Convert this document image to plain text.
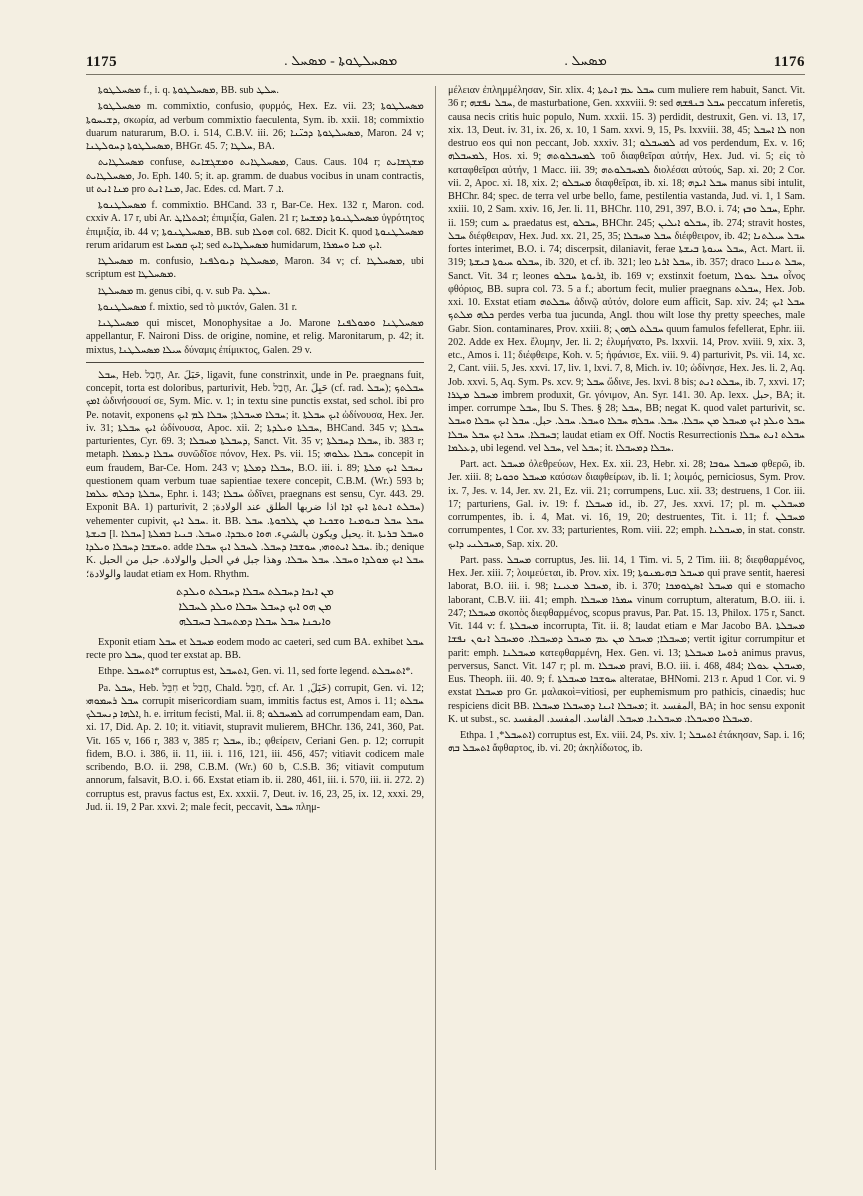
1175	ܡܣܚܠܛܘܬܐ - ܡܣܚܠ .	ܡܣܚܠ .	1176

ܡܣܚܠܛܘܬܐ f., i. q. ܡܣܚܠܛܘܬܐ, BB. sub ܚܠܛ.

ܡܣܚܠܛܘܬܐ m. commixtio, confusio, φυρμός, Hex. Ez. vii. 23; ܡܣܚܠܛܘܬܐ ܕܫܝܚܘܬܐ, σκωρία, ad verbum commixtio faeculenta, Sym. ib. xxii. 18; commixtio duarum naturarum, B.O. i. 514, C.B.V. iii. 26; ܡܣܚܠܛܘܬܐ ܕܟܝ̈ܢܐ, Maron. 24 v; ܡܣܚܠܛܘܬܐ ܕܚܘܠܛܢܐ, BHGr. 45. 7; ܚܠܛܐ, BA.

ܡܣܚܠܛܐܝܬ confuse, ܡܣܚܠܛܐܝܬ ܘܡܫܓܫܐܝܬ, Caus. Caus. 104 r; ܡܫܓܫܐܝܬ ܡܣܚܠܛܐܝܬ, Jo. Eph. 140. 5; it. ap. gramm. de duabus vocibus in unam contractis, ut ܡܢܐ ܐܢܬ pro ܡܢܐ ܐܢܬ, Jac. Edes. cd. Mart. ܐ. 7.

ܡܣܚܠܛܢܘܬܐ f. commixtio. BHCand. 33 r, Bar-Ce. Hex. 132 r, Maron. cod. cxxiv A. 17 r, ubi Ar. ܐܟܬܠܐܛ; ἐπιμιξία, Galen. 21 r; ܡܣܚܠܛܢܘܬܐ ܕܡܫܚܐ ὑγρότητος ἐπιμιξία, ib. 44 v; ܡܣܚܠܛܢܘܬܐ, BB. sub ܗܘܠܐ col. 682. Dicit K. quod ܡܣܚܠܛܢܘܬܐ rerum aridarum est ܐܝܟ ܩܡܚܐ; sed ܡܣܚܠܛܐܝܬ humidarum, ܐܝܟ ܡܝܐ ܘܚܡܪܐ.

ܡܣܚܠܛܐ m. confusio, ܡܣܚܠܛܐ ܕܝܘܠܦܢܐ, Maron. 34 v; cf. ܡܣܚܠܛܐ, ubi scriptum est ܡܣܚܠܛܐ.

ܡܣܚܠܛܐ m. genus cibi, q. v. sub Pa. ܚܠܛ.

ܡܣܚܠܛܢܘܬܐ f. mixtio, sed τὸ μικτόν, Galen. 31 r.

ܡܣܚܠܛܢܐ qui miscet, Monophysitae a Jo. Marone ܡܣܚܠܛܢܐ ܘܡܘܠܦܢܐ appellantur, F. Naironi Diss. de origine, nomine, et relig. Maronitarum, p. 42; it. mixtus, ܚܝܠܐ ܡܣܚܠܛܢܐ δύναμις ἐπίμικτος, Galen. 29 v.

ܚܒܠ, Heb. חָבַל, Ar. حَبَلَ, ligavit, fune constrinxit, unde in Pe. praegnans fuit, concepit, torta est doloribus, parturivit, Heb. חָבַל, Ar. حَبِلَ (cf. rad. ܚܒܠ); ܚܒܠܬܟ ܐܡܟ ὠδινήσουσί σε, Sym. Mic. v. 1; in textu sine punctis exstat, sed schol. ibi pro Pe. notavit, exponens ܚܒܠܐ ܡܚܒܠܬܐ; ܚܒܠܐ ܠܡ ܐܝܟ; it. ܐܝܟ ܚܒܠܬܐ ὠδίνουσα, Hex. Jer. iv. 31; ܐܝܟ ܚܒܠܬܐ ὠδίνουσα, Apoc. xii. 2; ܚܒܠܬܐ ܘܝܠܕܬܐ, BHCand. 345 v; ܚܒܠܬܐ parturientes, Cyr. 69. 3; ܕܚܒܠܬܐ ܡܚܒܠܐ, Sanct. Vit. 35 v; ܚܒܠܐ ܕܚܒܠܬܐ, ib. 383 r; metaph. ܚܒܠܐ ܕܥܡܠܐ συνῶδῖσε πόνον, Hex. Ps. vii. 15; ܚܒܠܐ ܥܠܘܗܝ concepit in eum fraudem, Bar-Ce. Hom. 243 v; ܚܒܠܐ ܕܡܠܬܐ, B.O. iii. i. 89; ܢܚܒܠ ܐܝܟ ܡܠܬܐ questionem quam verbum tuae sapientiae texere concepit, C.B.M. (Wr.) 593 b; ܚܒܠܬܐ ܕܟܠܗ ܥܠܡܐ, Ephr. i. 143; ܚܒܠܐ ὠδῖνει, praegnans est sensu, Cyr. 443. 29. Exponit BA. 1) parturivit, ܚܒܠܬ ܐܢܬܬܐ ܐܝܟ ܐܕܐ اذا ضربها الطلق عند الولادة; 2) vehementer cupivit, ܚܒܠ ܐܝܟ. it. BB. ܚܒܠ ܚܒܠ ܒܝܘܡܢܐ ܘܫܟܢܐ ܡܢ ܛܠܒܘܬܐ. ܚܒܠ ܒܝܫܬܐ [l. ܚܒܠܐ] يحبل ويكون بالشيء. ܗܘܐ ܘܥܒܕܐ. ܘܚܒܠ. ܒܢܝܐ ܒܡܠܬܐ. it. ܘܚܒܠ ܒܪܝܬܐ ܘܚܫܒܐ ܕܚܒܠܐ ܘܝܠܕܐ. adde ܚܒܠ ܐܝܬܘܗܝ, ܚܘܫܒܐ ܕܚܒܠ. ܠܚܒܠ ܐܝܟ ܚܒܠܐ. ib.; denique K. ܚܒܠ ܐܝܟ ܡܘܠܕܐ ܘܚܒܠ. ܚܒܠ ܚܒܠܐ. وهذا جبل في الحبل والولادة. حبل من الحبل والولادة؛ laudat etiam ex Hom. Rhythm.

ܡܢ ܐܝܟܐ ܕܚܒܠܬ ܚܒܠܐ ܕܚܒܠܬ ܘܝܠܕܬ
ܡܢ ܗܘ ܐܝܟ ܕܚܒܠ ܚܒܠܐ ܘܝܠܕ ܠܚܒܠܐ
ܘܐܝܟܢܐ ܚܒܠ ܚܒܠܐ ܕܡܬܚܒܠ ܒܚܒܠܗ

Exponit etiam ܚܒܠ et ܡܚܒܠ eodem modo ac caeteri, sed cum BA. exhibet ܚܒܠ recte pro ܚܒܠ, quod ter exstat ap. BB.

Ethpe. ܐܬܚܒܠ* corruptus est, ܐܬܚܒܠ, Gen. vi. 11, sed forte legend. ܐܬܚܒܠܬ*.

Pa. ܚܒܠ, Heb. חִבֵּל et חָבַל, Chald. חַבֵּל, cf. Ar. خَبَلَ, 1) corrupit, Gen. vi. 12; ܚܒܠ ܪܚܡܘܗܝ corrupit misericordiam suam, immitis factus est, Amos i. 11; ܚܒܠܬ ܐܠܗܐ ܕܢܚܒܠܟ, h. e. irritum fecisti, Mal. ii. 8; ܠܡܚܒܠܘ ad corrumpendam eam, Dan. xi. 17, Did. Ap. 2. 10; it. vitiavit, stupravit mulierem, BHChr. 136, 241, 360, Pat. Vit. 165 v, 166 r, 383 v, 385 r; ܚܒܠ, ib.; φθείρειν, Ceriani Gen. p. 12; corrupit fidem, B.O. i. 386, ii. 11, iii. i. 116, 121, iii. 456, 457; vitiavit codicem male scribendo, B.O. ii. 298, C.B.M. (Wr.) 60 b, C.S.B. 36; vitiavit computum annorum, falsavit, B.O. i. 66. Exstat etiam ib. ii. 280, 461, iii. i. 570, iii. ii. 272. 2) corruptus est, pravus factus est, Ex. xxxii. 7, Deut. iv. 16, 23, 25, ix. 12, xxxi. 29, Jud. ii. 19, 2 Par. xxvi. 2; male fecit, peccavit, ܚܒܠ πλημ-

μέλειαν ἐπλημμέλησαν, Sir. xlix. 4; ܚܒܠ ܥܡ ܐܢܬܬܐ cum muliere rem habuit, Sanct. Vit. 36 r; ܚܒܠ ܢܦܫܗ, de masturbatione, Gen. xxxviii. 9: sed ܚܒܠ ܒܢܦܫܗ peccatum inferetis, causa necis critis huic populo, Num. xxxii. 15. 3) perdidit, destruxit, Gen. vi. 13, 17, xix. 13, Deut. iv. 31, ix. 26, x. 10, 1 Sam. xxvi. 9, 15, Ps. lxxviii. 38, 45; ܠܐ ܐܚܒܠ non destruo eos qui non peccant, Job. xxxiv. 31; ܠܡܚܒܠܘ ad vos perdendum, Ex. v. 16; ܠܡܚܒܠܗ, Hos. xi. 9; ܠܡܚܒܠܘܬܗ τοῦ διαφθεῖραι αὐτήν, Hex. Jud. vi. 5; εἰς τὸ καταφθεῖραι αὐτήν, 1 Macc. iii. 39; ܠܡܚܒܠܘܬܗ διολέσαι αὐτούς, Sap. xi. 20; 2 Cor. vii. 2, Apoc. xi. 18, xix. 2; ܡܚܒܠܘ διαφθεῖραι, ib. xi. 18; ܚܒܠ ܐܝܕܗ manus sibi intulit, BHChr. 84; spec. de terra vel urbe bello, fame, pestilentia vastanda, Jud. vi. 1, 1 Sam. xxiii. 10, 2 Sam. xxiv. 16, Jer. li. 11, BHChr. 110, 291, 397, B.O. i. 74; ܚܒܠ ܘܒܙ, Ephr. ii. 159; cum ܥ praedatus est, ܚܒܠܘ, BHChr. 245; ܚܒܠܘ ܐܝܠܝܢ, ib. 274; stravit hostes, ܚܒܠ διέφθειραν, Hex. Jud. xx. 21, 25, 35; ܚܒܠ ܡܚܒܠܐ διέφθειρον, ib. 42; ܚܒܠ ܚܝܠܬܢܐ fortes interimet, B.O. i. 74; discerpsit, dilaniavit, ferae ܚܒܠ ܚܝܘܬܐ ܒܝܫܬܐ, Act. Mart. ii. 319; ܚܒܠܘ ܚܝܘܬܐ ܒܝܫܬܐ, ib. 320, et cf. ib. 321; leo ܚܒܠ ܐܪܝܐ, ib. 357; draco ܚܒܠ ܬܢܝܢܐ, Sanct. Vit. 34 r; leones ܐܪܝܘܬܐ ܚܒܠܘ, ib. 169 v; exstinxit foetum, ܚܒܠ ܥܘܠܐ οἶνος φθόριος, BB. supra col. 73. 5 a f.; abortum fecit, mulier praegnans ܚܒܠܬ, Hex. Job. xxi. 10. Exstat etiam ܚܒܠܬܗ ἀδινῷ αὐτόν, dolore eum afficit, Sap. xiv. 24; ܚܒܠ ܐܝܟ ܟܠܗ ܡܠܬܟ perdes verba tua jucunda, Angl. thou wilt lose thy pretty speeches, male Gabr. Sion. contaminares, Prov. xxiii. 8; ܚܒܠܬ ܠܗܘܢ quum famulos fefellerat, Ephr. iii. 202. Adde ex Hex. ἔλυμην, Jer. li. 2; ἐλυμήνατο, Ps. lxxvii. 14, Prov. xviii. 9, xix. 3, etc., Amos i. 11; διέφθειρε, Koh. v. 5; ἠφάνισε, Ex. viii. 9. 4) parturivit, Ps. vii. 14, xc. 2, Cant. viii. 5, Jes. xxvi. 17, liv. 1, lxvi. 7, 8, Mich. iv. 10; ὠδίνησε, Hex. Jes. li. 2, Aq. Job. xxvi. 5, Aq. Sym. Ps. xcv. 9; ܚܒܠ ὤδινε, Jes. lxvi. 8 bis; ܚܒܠܬ ܐܢܬ, ib. 7, xxvi. 17; ܡܚܒܠ ܡܛܪܐ imbrem produxit, Gr. γόνιμον, An. Syr. 141. 30. Ap. lexx. حبل, BA; it. imper. corrumpe ܚܒܠ, Ibu S. Thes. § 28; ܚܒܠ, BB; negat K. quod valet parturivit, sc. ܚܒܠ ܘܝܠܕ ܐܝܟ ܡܚܒܠ ܡܢ ܚܒܠܐ. ܚܒܠ. ܚܒܠܗ ܚܒܠܐ ܘܚܒܠ. ܚܒܠ. حبل. ܚܒܠ ܐܝܟ ܚܒܠܐ ܘܚܒܠ ܒܚܒܠܐ. ܚܒܠ ܐܝܟ ܚܒܠ ܚܒܠܐ; laudat etiam ex Off. Noctis Resurrectionis ܚܒܠܬ ܐܢܬ ܚܒܠܐ ܕܥܠܡܐ, ubi legend. vel ܚܒܠ, vel ܚܒܠ; it. ܚܒܠܐ ܕܡܚܒܠܐ.

Part. act. ܡܚܒܠ ὀλεθρεύων, Hex. Ex. xii. 23, Hebr. xi. 28; ܡܚܒܠ ܚܘܒܐ φθερῶ, ib. Jer. xiii. 8; ܡܚܒܠ ܘܟܘܝܐ καύσων διαφθείρων, ib. li. 1; λοιμός, perniciosus, Sym. Prov. ix. 7, Jes. v. 14, Jer. xv. 21, Ez. vii. 21; corrumpens, Luc. xii. 33; destruens, 1 Cor. iii. 17; parturiens, Gal. iv. 19: f. ܡܚܒܠܐ id., ib. 27, Jes. xxvi. 17; pl. m. ܡܚܒܠܝܢ corrumpentes, ib. i. 4, Mat. vi. 16, 19, 20; destruentes, Tit. i. 11; f. ܡܚܒܠܢ corrumpentes, 1 Cor. xv. 33; parturientes, Rom. viii. 22; emph. ܡܚܒܠܢܐ, in stat. constr. ܡܚܒܠܢܝ ܕܐܝܟ, Sap. xix. 20.

Part. pass. ܡܚܒܠ corruptus, Jes. lii. 14, 1 Tim. vi. 5, 2 Tim. iii. 8; διεφθαρμένος, Hex. Jer. xiii. 7; λοιμεύεται, ib. Prov. xix. 19; ܡܚܒܠ ܒܗܝܡܢܘܬܐ qui prave sentit, haeresi laborat, B.O. iii. i. 98; ܡܚܒܠ ܡܥܝܢܐ, ib. i. 370; ܡܚܒܠ ܐܣܛܘܡܟܐ qui e stomacho laborant, C.B.V. iii. 41; emph. ܚܡܪܐ ܡܚܒܠܐ vinum corruptum, alteratum, B.O. iii. i. 247; ܡܚܒܠܐ σκοπὸς διεφθαρμένος, scopus pravus, Par. Pat. 15. 13, Philox. 175 r, Sanct. Vit. 144 v: f. ܡܚܒܠܬܐ incorrupta, Tit. ii. 8; laudat etiam e Mar Jacobo BA. ܡܚܒܠܬܐ ܡܚܒܠܐ; ܡܚܒܠ ܡܢ ܥܡ ܡܚܒܠ ܕܡܚܒܠܐ. ܘܡܚܒܠ ܐܢܘܢ ܢܦܫܐ; vertit igitur corrumpitur et parit: emph. ܡܚܒܠܢܐ κατεφθαρμένη, Hex. Gen. vi. 13; ܪܘܚܐ ܡܚܒܠܬܐ animus pravus, perversus, Sanct. Vit. 147 r; pl. m. ܡܚܒܠܐ pravi, B.O. iii. i. 468, 484; ܡܚܒܠܢ ܥܘܠܐ, Eus. Theoph. iii. 40. 9; f. ܚܘܫܒܐ ܡܚܒܠܬܐ alteratae, BHNomi. 213 r. Apud 1 Cor. vi. 9 exstat ܡܚܒܠܐ pro Gr. μαλακοὶ=vitiosi, per euphemismum pro pathicis, cinaedis; huc respiciens dicit BB. ܡܚܒܠܐ ܐܝܢܐ ܕܡܚܒܠܐ ܡܚܒܠܐ; it. المفسد, BA; in hoc sensu exponit K. ut subst., sc. ܡܚܒܠܐ ܘܡܚܒܠܐ. ܡܚܒܠܢܐ. ܡܚܒܠ. الفاسد. المفسد. المفسد.

Ethpa. ܐܬܚܒܠ*, 1) corruptus est, Ex. viii. 24, Ps. xiv. 1; ܐܬܚܒܠ ἐτάκησαν, Sap. i. 16; ܐܬܚܒܠ ܒܗ ἄφθαρτος, ib. vi. 20; ἀκηλίδωτος, ib.
